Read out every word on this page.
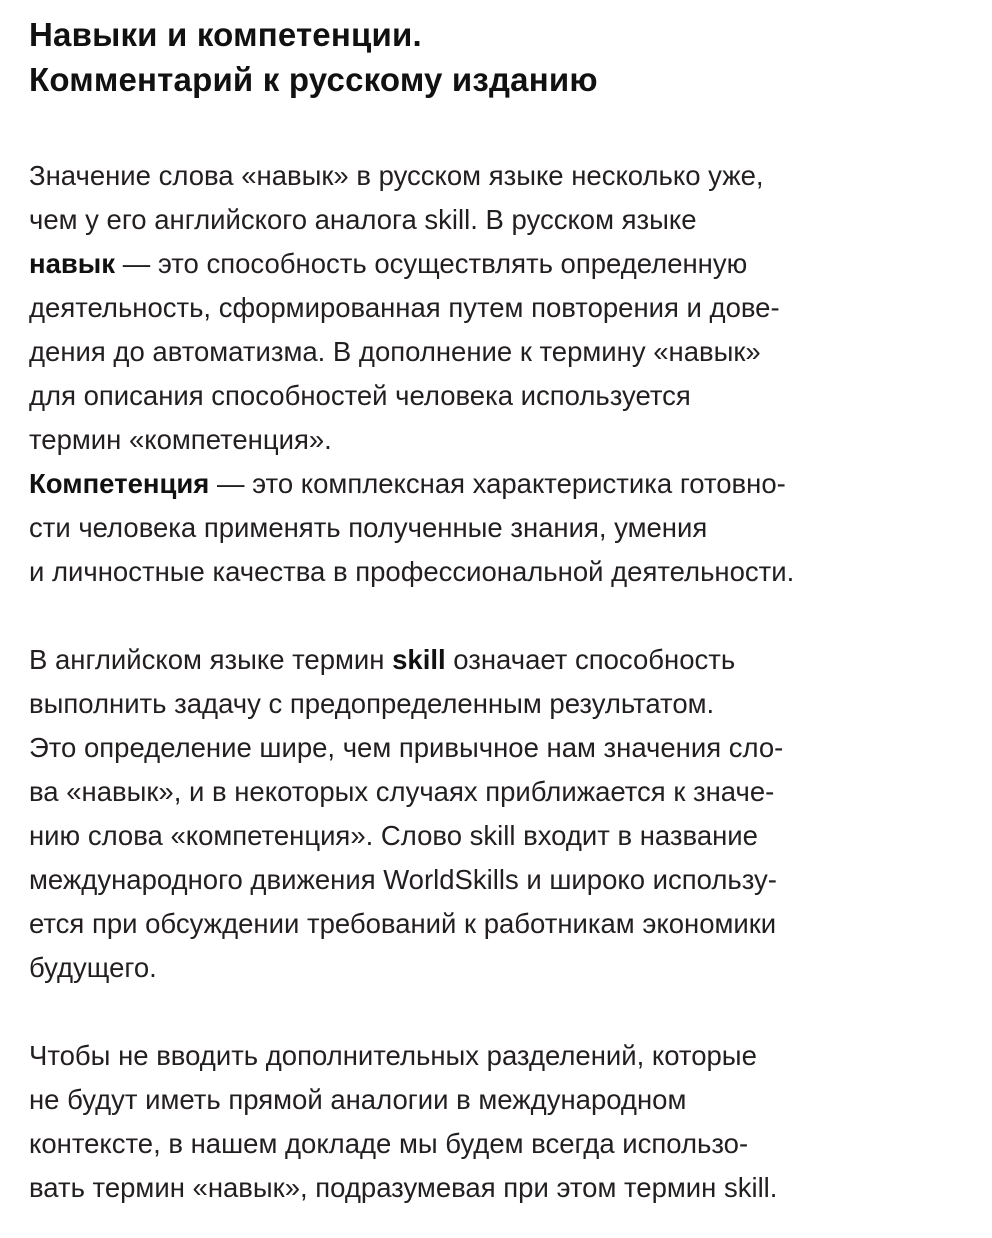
Навыки и компетенции.
Комментарий к русскому изданию

Значение слова «навык» в русском языке несколько уже,
чем у его английского аналога skill. В русском языке
навык — это способность осуществлять определенную
деятельность, сформированная путем повторения и дове-
дения до автоматизма. В дополнение к термину «навык»
для описания способностей человека используется
термин «компетенция».

Компетенция — это комплексная характеристика готовно-
сти человека применять полученные знания, умения
и личностные качества в профессиональной деятельности.

В английском языке термин skill означает способность
выполнить задачу с предопределенным результатом.
Это определение шире, чем привычное нам значения сло-
ва «навык», и в некоторых случаях приближается к значе-
нию слова «компетенция». Слово skill входит в название
международного движения WorldSkills и широко использу-
ется при обсуждении требований к работникам экономики
будущего.

Чтобы не вводить дополнительных разделений, которые
не будут иметь прямой аналогии в международном
контексте, в нашем докладе мы будем всегда использо-
вать термин «навык», подразумевая при этом термин skill.
